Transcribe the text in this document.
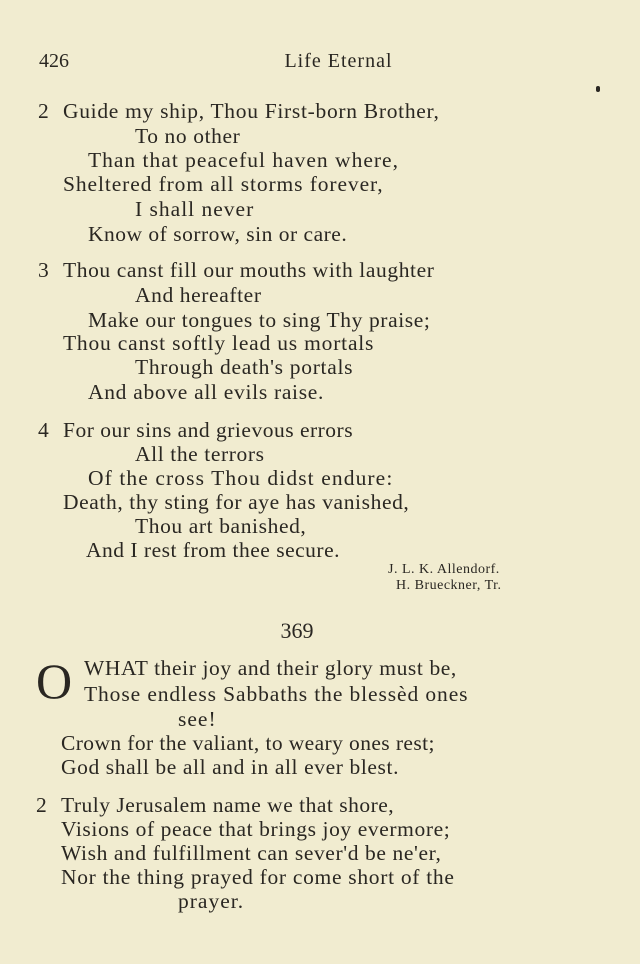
426	Life Eternal
2 Guide my ship, Thou First-born Brother,
To no other
Than that peaceful haven where,
Sheltered from all storms forever,
I shall never
Know of sorrow, sin or care.
3 Thou canst fill our mouths with laughter
And hereafter
Make our tongues to sing Thy praise;
Thou canst softly lead us mortals
Through death's portals
And above all evils raise.
4 For our sins and grievous errors
All the terrors
Of the cross Thou didst endure:
Death, thy sting for aye has vanished,
Thou art banished,
And I rest from thee secure.
J. L. K. Allendorf.
H. Brueckner, Tr.
369
O WHAT their joy and their glory must be,
Those endless Sabbaths the blessèd ones
see!
Crown for the valiant, to weary ones rest;
God shall be all and in all ever blest.
2 Truly Jerusalem name we that shore,
Visions of peace that brings joy evermore;
Wish and fulfillment can sever'd be ne'er,
Nor the thing prayed for come short of the
prayer.
